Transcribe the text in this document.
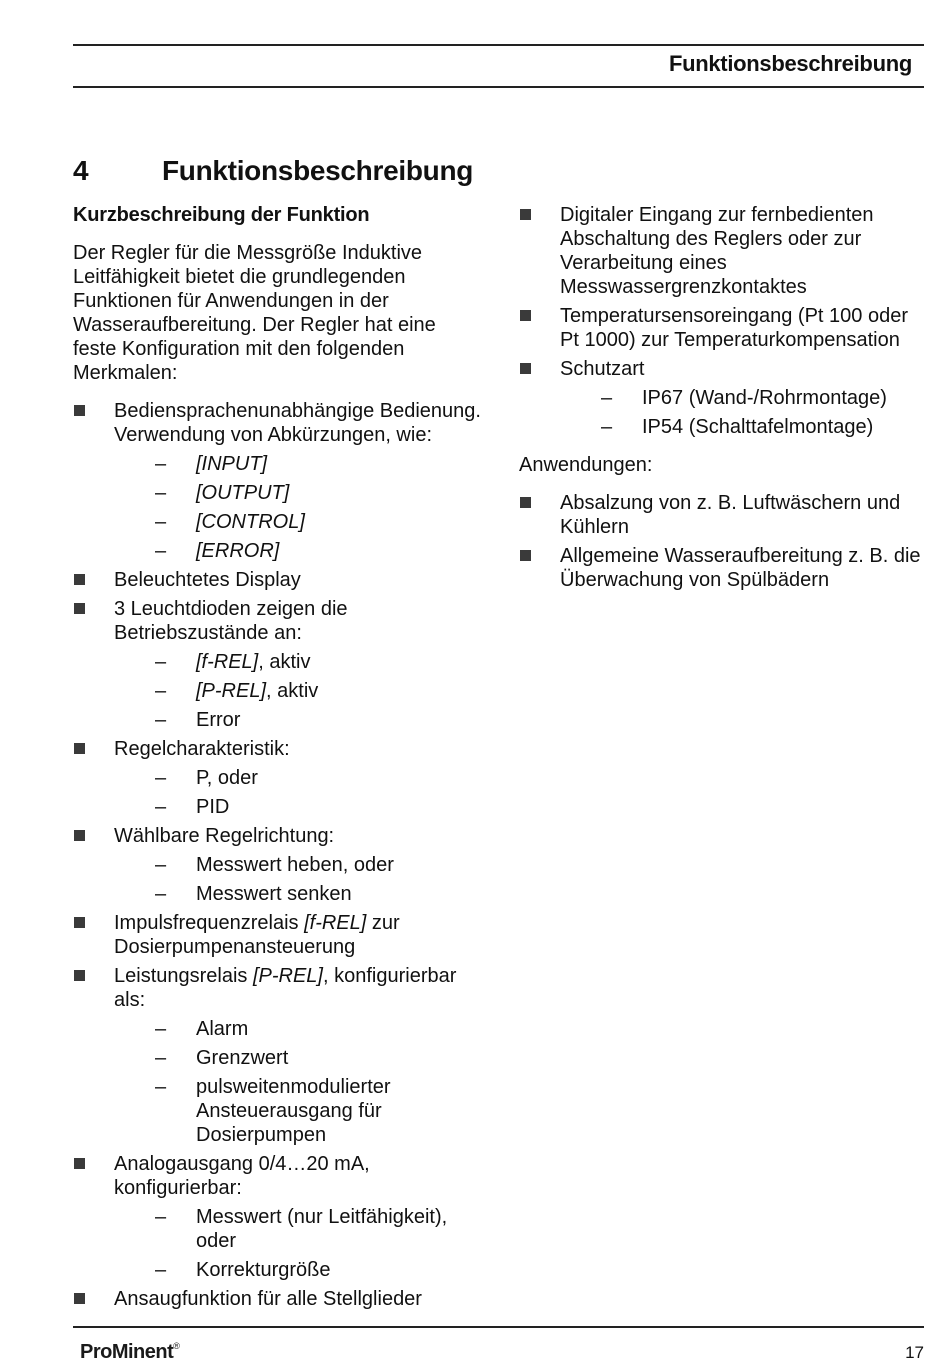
Funktionsbeschreibung
4	Funktionsbeschreibung
Kurzbeschreibung der Funktion

Der Regler für die Messgröße Induktive Leitfähigkeit bietet die grundlegenden Funktionen für Anwendungen in der Wasseraufbereitung. Der Regler hat eine feste Konfiguration mit den folgenden Merkmalen:

Bediensprachenunabhängige Bedienung. Verwendung von Abkürzungen, wie:
– [INPUT]
– [OUTPUT]
– [CONTROL]
– [ERROR]
Beleuchtetes Display
3 Leuchtdioden zeigen die Betriebszustände an:
– [f-REL], aktiv
– [P-REL], aktiv
– Error
Regelcharakteristik:
– P, oder
– PID
Wählbare Regelrichtung:
– Messwert heben, oder
– Messwert senken
Impulsfrequenzrelais [f-REL] zur Dosierpumpenansteuerung
Leistungsrelais [P-REL], konfigurierbar als:
– Alarm
– Grenzwert
– pulsweitenmodulierter Ansteuerausgang für Dosierpumpen
Analogausgang 0/4…20 mA, konfigurierbar:
– Messwert (nur Leitfähigkeit), oder
– Korrekturgröße
Ansaugfunktion für alle Stellglieder
Digitaler Eingang zur fernbedienten Abschaltung des Reglers oder zur Verarbeitung eines Messwassergrenzkontaktes
Temperatursensoreingang (Pt 100 oder Pt 1000) zur Temperaturkompensation
Schutzart
– IP67 (Wand-/Rohrmontage)
– IP54 (Schalttafelmontage)

Anwendungen:

Absalzung von z. B. Luftwäschern und Kühlern
Allgemeine Wasseraufbereitung z. B. die Überwachung von Spülbädern
ProMinent®	17
